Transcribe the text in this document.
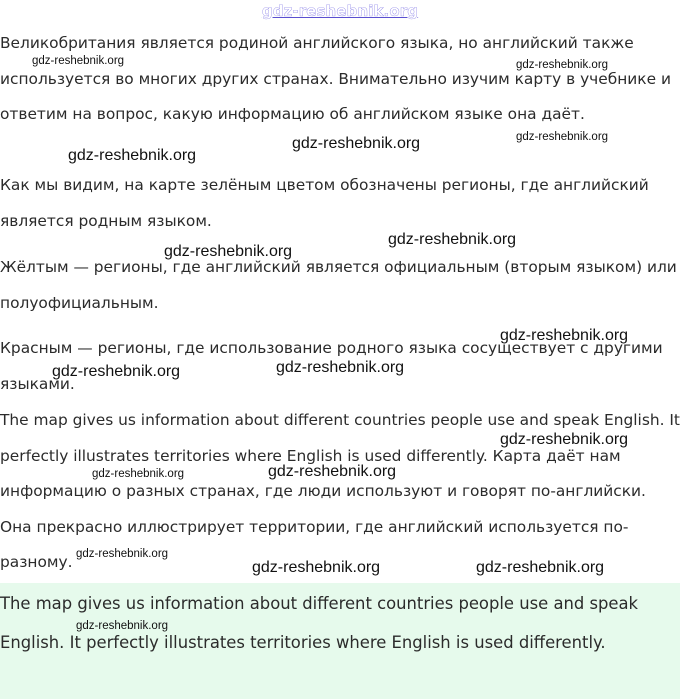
gdz-reshebnik.org
Великобритания является родиной английского языка, но английский также используется во многих других странах. Внимательно изучим карту в учебнике и ответим на вопрос, какую информацию об английском языке она даёт.
Как мы видим, на карте зелёным цветом обозначены регионы, где английский является родным языком.
Жёлтым — регионы, где английский является официальным (вторым языком) или полуофициальным.
Красным — регионы, где использование родного языка сосуществует с другими языками.
The map gives us information about different countries people use and speak English. It perfectly illustrates territories where English is used differently. Карта даёт нам информацию о разных странах, где люди используют и говорят по-английски. Она прекрасно иллюстрирует территории, где английский используется по-разному.
The map gives us information about different countries people use and speak English. It perfectly illustrates territories where English is used differently.
gdz-reshebnik.org	gdz-reshebnik.org
gdz-reshebnik.org
gdz-reshebnik.org
gdz-reshebnik.org
gdz-reshebnik.org
gdz-reshebnik.org
gdz-reshebnik.org
gdz-reshebnik.org
gdz-reshebnik.org
gdz-reshebnik.org
gdz-reshebnik.org
gdz-reshebnik.org
gdz-reshebnik.org
gdz-reshebnik.org	gdz-reshebnik.org
gdz-reshebnik.org
